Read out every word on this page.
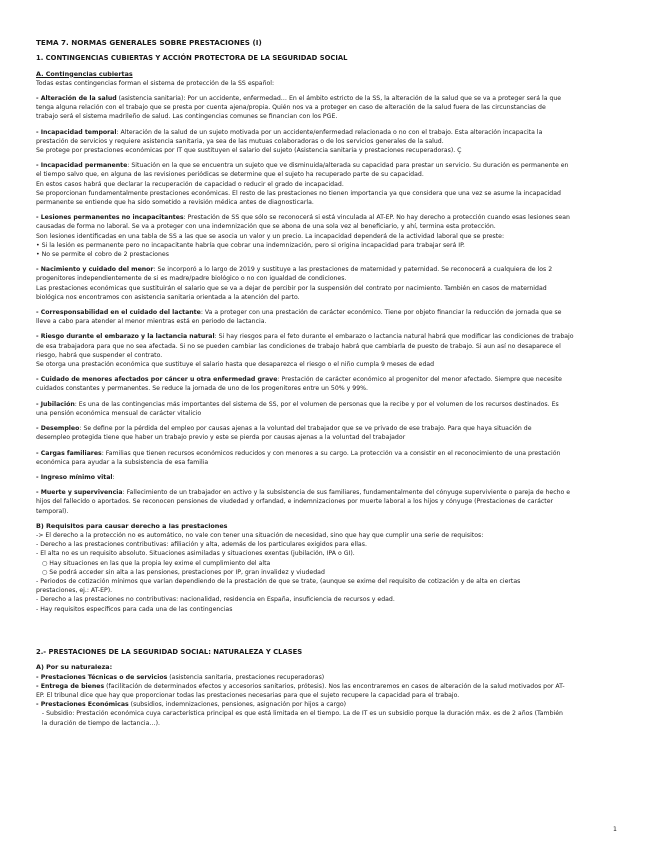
TEMA 7. NORMAS GENERALES SOBRE PRESTACIONES (I)

1. CONTINGENCIAS CUBIERTAS Y ACCIÓN PROTECTORA DE LA SEGURIDAD SOCIAL

A. Contingencias cubiertas

Todas estas contingencias forman el sistema de protección de la SS español:

- Alteración de la salud (asistencia sanitaria): Por un accidente, enfermedad… En el ámbito estricto de la SS, la alteración de la salud que se va a proteger será la que

tenga alguna relación con el trabajo que se presta por cuenta ajena/propia. Quién nos va a proteger en caso de alteración de la salud fuera de las circunstancias de

trabajo será el sistema madrileño de salud. Las contingencias comunes se financian con los PGE.

- Incapacidad temporal: Alteración de la salud de un sujeto motivada por un accidente/enfermedad relacionada o no con el trabajo. Esta alteración incapacita la

prestación de servicios y requiere asistencia sanitaria, ya sea de las mutuas colaboradoras o de los servicios generales de la salud.

Se protege por prestaciones económicas por IT que sustituyen el salario del sujeto (Asistencia sanitaria y prestaciones recuperadoras). Ç

- Incapacidad permanente: Situación en la que se encuentra un sujeto que ve disminuida/alterada su capacidad para prestar un servicio. Su duración es permanente en

el tiempo salvo que, en alguna de las revisiones periódicas se determine que el sujeto ha recuperado parte de su capacidad.

En estos casos habrá que declarar la recuperación de capacidad o reducir el grado de incapacidad.

Se proporcionan fundamentalmente prestaciones económicas. El resto de las prestaciones no tienen importancia ya que considera que una vez se asume la incapacidad

permanente se entiende que ha sido sometido a revisión médica antes de diagnosticarla.

- Lesiones permanentes no incapacitantes: Prestación de SS que sólo se reconocerá si está vinculada al AT-EP. No hay derecho a protección cuando esas lesiones sean

causadas de forma no laboral. Se va a proteger con una indemnización que se abona de una sola vez al beneficiario, y ahí, termina esta protección.

Son lesiones identificadas en una tabla de SS a las que se asocia un valor y un precio. La incapacidad dependerá de la actividad laboral que se preste:

• Si la lesión es permanente pero no incapacitante habría que cobrar una indemnización, pero si origina incapacidad para trabajar será IP.

• No se permite el cobro de 2 prestaciones

- Nacimiento y cuidado del menor: Se incorporó a lo largo de 2019 y sustituye a las prestaciones de maternidad y paternidad. Se reconocerá a cualquiera de los 2

progenitores independientemente de si es madre/padre biológico o no con igualdad de condiciones.

Las prestaciones económicas que sustituirán el salario que se va a dejar de percibir por la suspensión del contrato por nacimiento. También en casos de maternidad

biológica nos encontramos con asistencia sanitaria orientada a la atención del parto.

- Corresponsabilidad en el cuidado del lactante: Va a proteger con una prestación de carácter económico. Tiene por objeto financiar la reducción de jornada que se

lleve a cabo para atender al menor mientras está en periodo de lactancia.

- Riesgo durante el embarazo y la lactancia natural: Si hay riesgos para el feto durante el embarazo o lactancia natural habrá que modificar las condiciones de trabajo

de esa trabajadora para que no sea afectada. Si no se pueden cambiar las condiciones de trabajo habrá que cambiarla de puesto de trabajo. Si aun así no desaparece el

riesgo, habrá que suspender el contrato.

Se otorga una prestación económica que sustituye el salario hasta que desaparezca el riesgo o el niño cumpla 9 meses de edad

- Cuidado de menores afectados por cáncer u otra enfermedad grave: Prestación de carácter económico al progenitor del menor afectado. Siempre que necesite

cuidados constantes y permanentes. Se reduce la jornada de uno de los progenitores entre un 50% y 99%.

- Jubilación: Es una de las contingencias más importantes del sistema de SS, por el volumen de personas que la recibe y por el volumen de los recursos destinados. Es

una pensión económica mensual de carácter vitalicio

- Desempleo: Se define por la pérdida del empleo por causas ajenas a la voluntad del trabajador que se ve privado de ese trabajo. Para que haya situación de

desempleo protegida tiene que haber un trabajo previo y este se pierda por causas ajenas a la voluntad del trabajador

- Cargas familiares: Familias que tienen recursos económicos reducidos y con menores a su cargo. La protección va a consistir en el reconocimiento de una prestación

económica para ayudar a la subsistencia de esa familia

- Ingreso mínimo vital:

- Muerte y supervivencia: Fallecimiento de un trabajador en activo y la subsistencia de sus familiares, fundamentalmente del cónyuge superviviente o pareja de hecho e

hijos del fallecido o aportados. Se reconocen pensiones de viudedad y orfandad, e indemnizaciones por muerte laboral a los hijos y cónyuge (Prestaciones de carácter

temporal).

B) Requisitos para causar derecho a las prestaciones

-> El derecho a la protección no es automático, no vale con tener una situación de necesidad, sino que hay que cumplir una serie de requisitos:

- Derecho a las prestaciones contributivas: afiliación y alta, además de los particulares exigidos para ellas.

- El alta no es un requisito absoluto. Situaciones asimiladas y situaciones exentas (jubilación, IPA o GI).

○ Hay situaciones en las que la propia ley exime el cumplimiento del alta

○ Se podrá acceder sin alta a las pensiones, prestaciones por IP, gran invalidez y viudedad

- Periodos de cotización mínimos que varían dependiendo de la prestación de que se trate, (aunque se exime del requisito de cotización y de alta en ciertas

prestaciones, ej.: AT-EP).

- Derecho a las prestaciones no contributivas: nacionalidad, residencia en España, insuficiencia de recursos y edad.

- Hay requisitos específicos para cada una de las contingencias

2.- PRESTACIONES DE LA SEGURIDAD SOCIAL: NATURALEZA Y CLASES

A) Por su naturaleza:

- Prestaciones Técnicas o de servicios (asistencia sanitaria, prestaciones recuperadoras)

- Entrega de bienes (facilitación de determinados efectos y accesorios sanitarios, prótesis). Nos las encontraremos en casos de alteración de la salud motivados por AT-

EP. El tribunal dice que hay que proporcionar todas las prestaciones necesarias para que el sujeto recupere la capacidad para el trabajo.

- Prestaciones Económicas (subsidios, indemnizaciones, pensiones, asignación por hijos a cargo)

- Subsidio: Prestación económica cuya característica principal es que está limitada en el tiempo. La de IT es un subsidio porque la duración máx. es de 2 años (También

la duración de tiempo de lactancia…).

1
